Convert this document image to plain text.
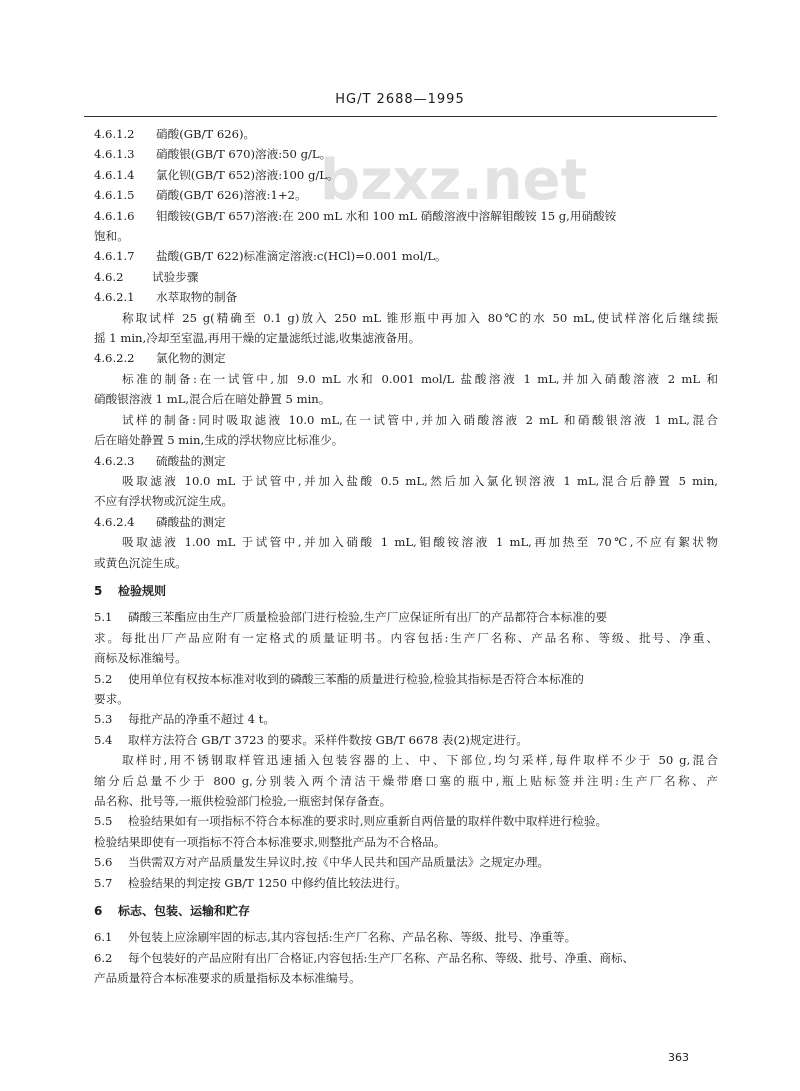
HG/T 2688—1995
bzxz.net
4.6.1.2 硝酸(GB/T 626)。
4.6.1.3 硝酸银(GB/T 670)溶液:50 g/L。
4.6.1.4 氯化钡(GB/T 652)溶液:100 g/L。
4.6.1.5 硝酸(GB/T 626)溶液:1+2。
4.6.1.6 钼酸铵(GB/T 657)溶液:在 200 mL 水和 100 mL 硝酸溶液中溶解钼酸铵 15 g,用硝酸铵
饱和。
4.6.1.7 盐酸(GB/T 622)标准滴定溶液:c(HCl)=0.001 mol/L。
4.6.2 试验步骤
4.6.2.1 水萃取物的制备
称取试样 25 g(精确至 0.1 g)放入 250 mL 锥形瓶中再加入 80℃的水 50 mL,使试样溶化后继续振
摇 1 min,冷却至室温,再用干燥的定量滤纸过滤,收集滤液备用。
4.6.2.2 氯化物的测定
标准的制备:在一试管中,加 9.0 mL 水和 0.001 mol/L 盐酸溶液 1 mL,并加入硝酸溶液 2 mL 和
硝酸银溶液 1 mL,混合后在暗处静置 5 min。
试样的制备:同时吸取滤液 10.0 mL,在一试管中,并加入硝酸溶液 2 mL 和硝酸银溶液 1 mL,混合
后在暗处静置 5 min,生成的浮状物应比标准少。
4.6.2.3 硫酸盐的测定
吸取滤液 10.0 mL 于试管中,并加入盐酸 0.5 mL,然后加入氯化钡溶液 1 mL,混合后静置 5 min,
不应有浮状物或沉淀生成。
4.6.2.4 磷酸盐的测定
吸取滤液 1.00 mL 于试管中,并加入硝酸 1 mL,钼酸铵溶液 1 mL,再加热至 70℃,不应有絮状物
或黄色沉淀生成。
5 检验规则
5.1 磷酸三苯酯应由生产厂质量检验部门进行检验,生产厂应保证所有出厂的产品都符合本标准的要
求。每批出厂产品应附有一定格式的质量证明书。内容包括:生产厂名称、产品名称、等级、批号、净重、
商标及标准编号。
5.2 使用单位有权按本标准对收到的磷酸三苯酯的质量进行检验,检验其指标是否符合本标准的
要求。
5.3 每批产品的净重不超过 4 t。
5.4 取样方法符合 GB/T 3723 的要求。采样件数按 GB/T 6678 表(2)规定进行。
取样时,用不锈钢取样管迅速插入包装容器的上、中、下部位,均匀采样,每件取样不少于 50 g,混合
缩分后总量不少于 800 g,分别装入两个清洁干燥带磨口塞的瓶中,瓶上贴标签并注明:生产厂名称、产
品名称、批号等,一瓶供检验部门检验,一瓶密封保存备查。
5.5 检验结果如有一项指标不符合本标准的要求时,则应重新自两倍量的取样件数中取样进行检验。
检验结果即使有一项指标不符合本标准要求,则整批产品为不合格品。
5.6 当供需双方对产品质量发生异议时,按《中华人民共和国产品质量法》之规定办理。
5.7 检验结果的判定按 GB/T 1250 中修约值比较法进行。
6 标志、包装、运输和贮存
6.1 外包装上应涂刷牢固的标志,其内容包括:生产厂名称、产品名称、等级、批号、净重等。
6.2 每个包装好的产品应附有出厂合格证,内容包括:生产厂名称、产品名称、等级、批号、净重、商标、
产品质量符合本标准要求的质量指标及本标准编号。
363
